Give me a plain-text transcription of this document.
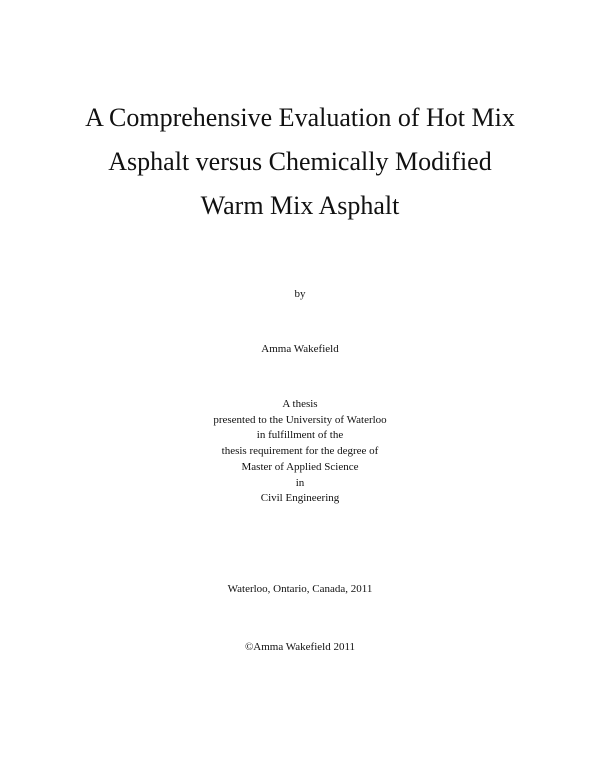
A Comprehensive Evaluation of Hot Mix
Asphalt versus Chemically Modified
Warm Mix Asphalt
by
Amma Wakefield
A thesis
presented to the University of Waterloo
in fulfillment of the
thesis requirement for the degree of
Master of Applied Science
in
Civil Engineering
Waterloo, Ontario, Canada, 2011
©Amma Wakefield 2011
